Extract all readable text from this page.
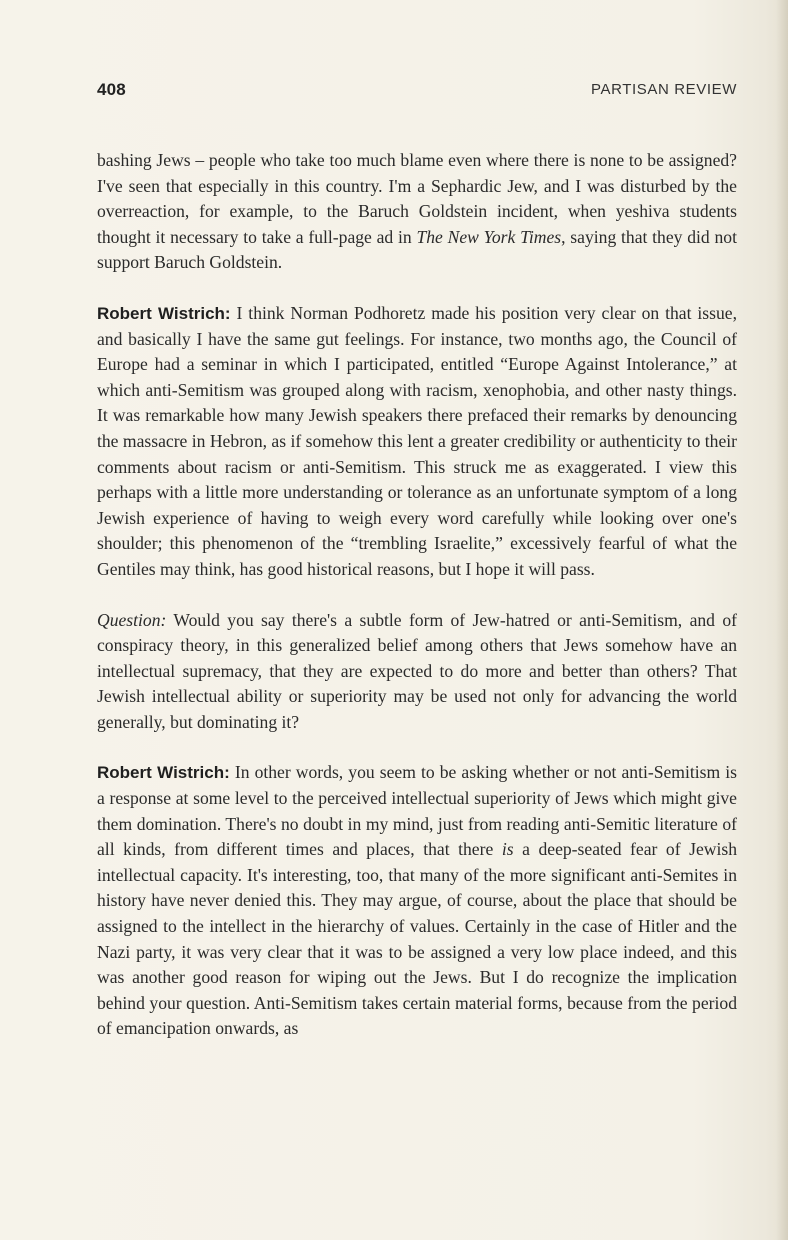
408	PARTISAN REVIEW

bashing Jews – people who take too much blame even where there is none to be assigned? I've seen that especially in this country. I'm a Sephardic Jew, and I was disturbed by the overreaction, for example, to the Baruch Goldstein incident, when yeshiva students thought it necessary to take a full-page ad in The New York Times, saying that they did not support Baruch Goldstein.

Robert Wistrich: I think Norman Podhoretz made his position very clear on that issue, and basically I have the same gut feelings. For instance, two months ago, the Council of Europe had a seminar in which I participated, entitled “Europe Against Intolerance,” at which anti-Semitism was grouped along with racism, xenophobia, and other nasty things. It was remarkable how many Jewish speakers there prefaced their remarks by denouncing the massacre in Hebron, as if somehow this lent a greater credibility or authenticity to their comments about racism or anti-Semitism. This struck me as exaggerated. I view this perhaps with a little more understanding or tolerance as an unfortunate symptom of a long Jewish experience of having to weigh every word carefully while looking over one's shoulder; this phenomenon of the “trembling Israelite,” excessively fearful of what the Gentiles may think, has good historical reasons, but I hope it will pass.

Question: Would you say there's a subtle form of Jew-hatred or anti-Semitism, and of conspiracy theory, in this generalized belief among others that Jews somehow have an intellectual supremacy, that they are expected to do more and better than others? That Jewish intellectual ability or superiority may be used not only for advancing the world generally, but dominating it?

Robert Wistrich: In other words, you seem to be asking whether or not anti-Semitism is a response at some level to the perceived intellectual superiority of Jews which might give them domination. There's no doubt in my mind, just from reading anti-Semitic literature of all kinds, from different times and places, that there is a deep-seated fear of Jewish intellectual capacity. It's interesting, too, that many of the more significant anti-Semites in history have never denied this. They may argue, of course, about the place that should be assigned to the intellect in the hierarchy of values. Certainly in the case of Hitler and the Nazi party, it was very clear that it was to be assigned a very low place indeed, and this was another good reason for wiping out the Jews. But I do recognize the implication behind your question. Anti-Semitism takes certain material forms, because from the period of emancipation onwards, as
